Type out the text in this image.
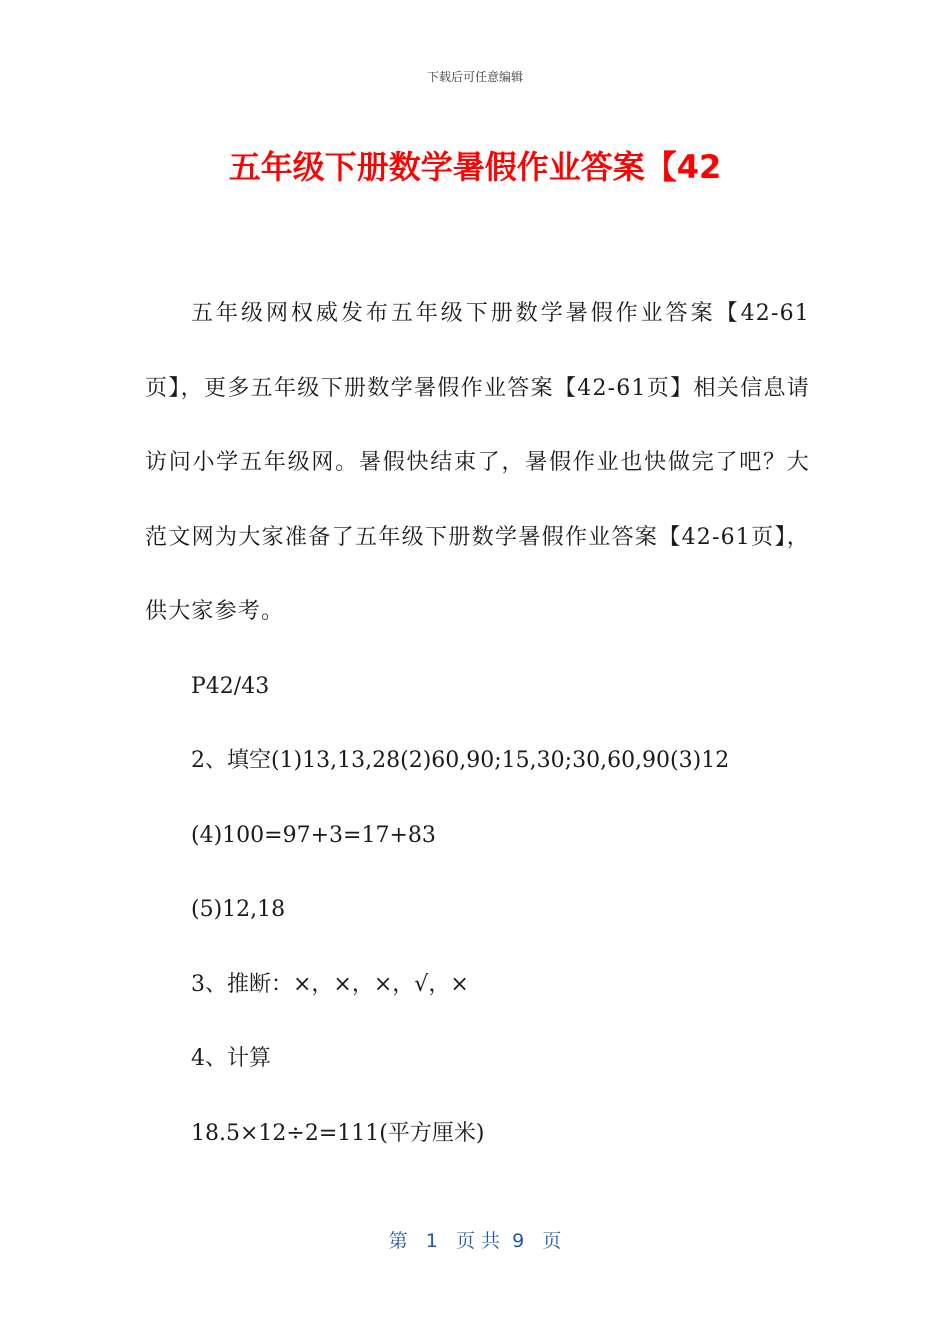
下载后可任意编辑
五年级下册数学暑假作业答案【42

五年级网权威发布五年级下册数学暑假作业答案【42-61页】，更多五年级下册数学暑假作业答案【42-61页】相关信息请访问小学五年级网。暑假快结束了，暑假作业也快做完了吧？大范文网为大家准备了五年级下册数学暑假作业答案【42-61页】，供大家参考。

P42/43

2、填空(1)13,13,28(2)60,90;15,30;30,60,90(3)12

(4)100=97+3=17+83

(5)12,18

3、推断：×，×，×，√，×

4、计算

18.5×12÷2=111(平方厘米)

第 1 页 共 9 页
